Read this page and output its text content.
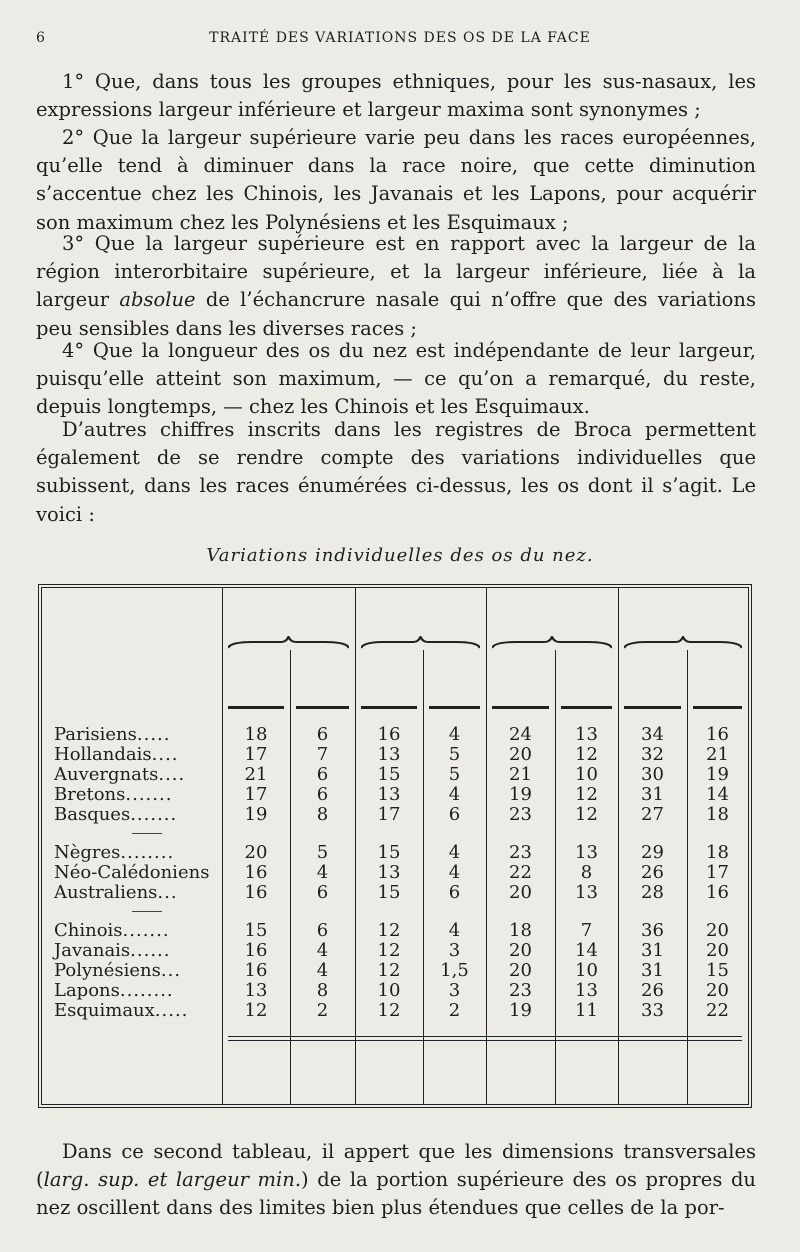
6	TRAITÉ DES VARIATIONS DES OS DE LA FACE

1° Que, dans tous les groupes ethniques, pour les sus-nasaux, les expressions largeur inférieure et largeur maxima sont synonymes ;

2° Que la largeur supérieure varie peu dans les races européennes, qu’elle tend à diminuer dans la race noire, que cette diminution s’accentue chez les Chinois, les Javanais et les Lapons, pour acquérir son maximum chez les Polynésiens et les Esquimaux ;

3° Que la largeur supérieure est en rapport avec la largeur de la région interorbitaire supérieure, et la largeur inférieure, liée à la largeur absolue de l’échancrure nasale qui n’offre que des variations peu sensibles dans les diverses races ;

4° Que la longueur des os du nez est indépendante de leur largeur, puisqu’elle atteint son maximum, — ce qu’on a remarqué, du reste, depuis longtemps, — chez les Chinois et les Esquimaux.

D’autres chiffres inscrits dans les registres de Broca permettent également de se rendre compte des variations individuelles que subissent, dans les races énumérées ci-dessus, les os dont il s’agit. Le voici :

Variations individuelles des os du nez.
Parisiens.....	18	6	16	4	24	13	34	16
Hollandais....	17	7	13	5	20	12	32	21
Auvergnats....	21	6	15	5	21	10	30	19
Bretons.......	17	6	13	4	19	12	31	14
Basques.......	19	8	17	6	23	12	27	18
Nègres........	20	5	15	4	23	13	29	18
Néo-Calédoniens	16	4	13	4	22	8	26	17
Australiens...	16	6	15	6	20	13	28	16
Chinois.......	15	6	12	4	18	7	36	20
Javanais......	16	4	12	3	20	14	31	20
Polynésiens...	16	4	12	1,5	20	10	31	15
Lapons........	13	8	10	3	23	13	26	20
Esquimaux.....	12	2	12	2	19	11	33	22

Dans ce second tableau, il appert que les dimensions transversales (larg. sup. et largeur min.) de la portion supérieure des os propres du nez oscillent dans des limites bien plus étendues que celles de la por-
